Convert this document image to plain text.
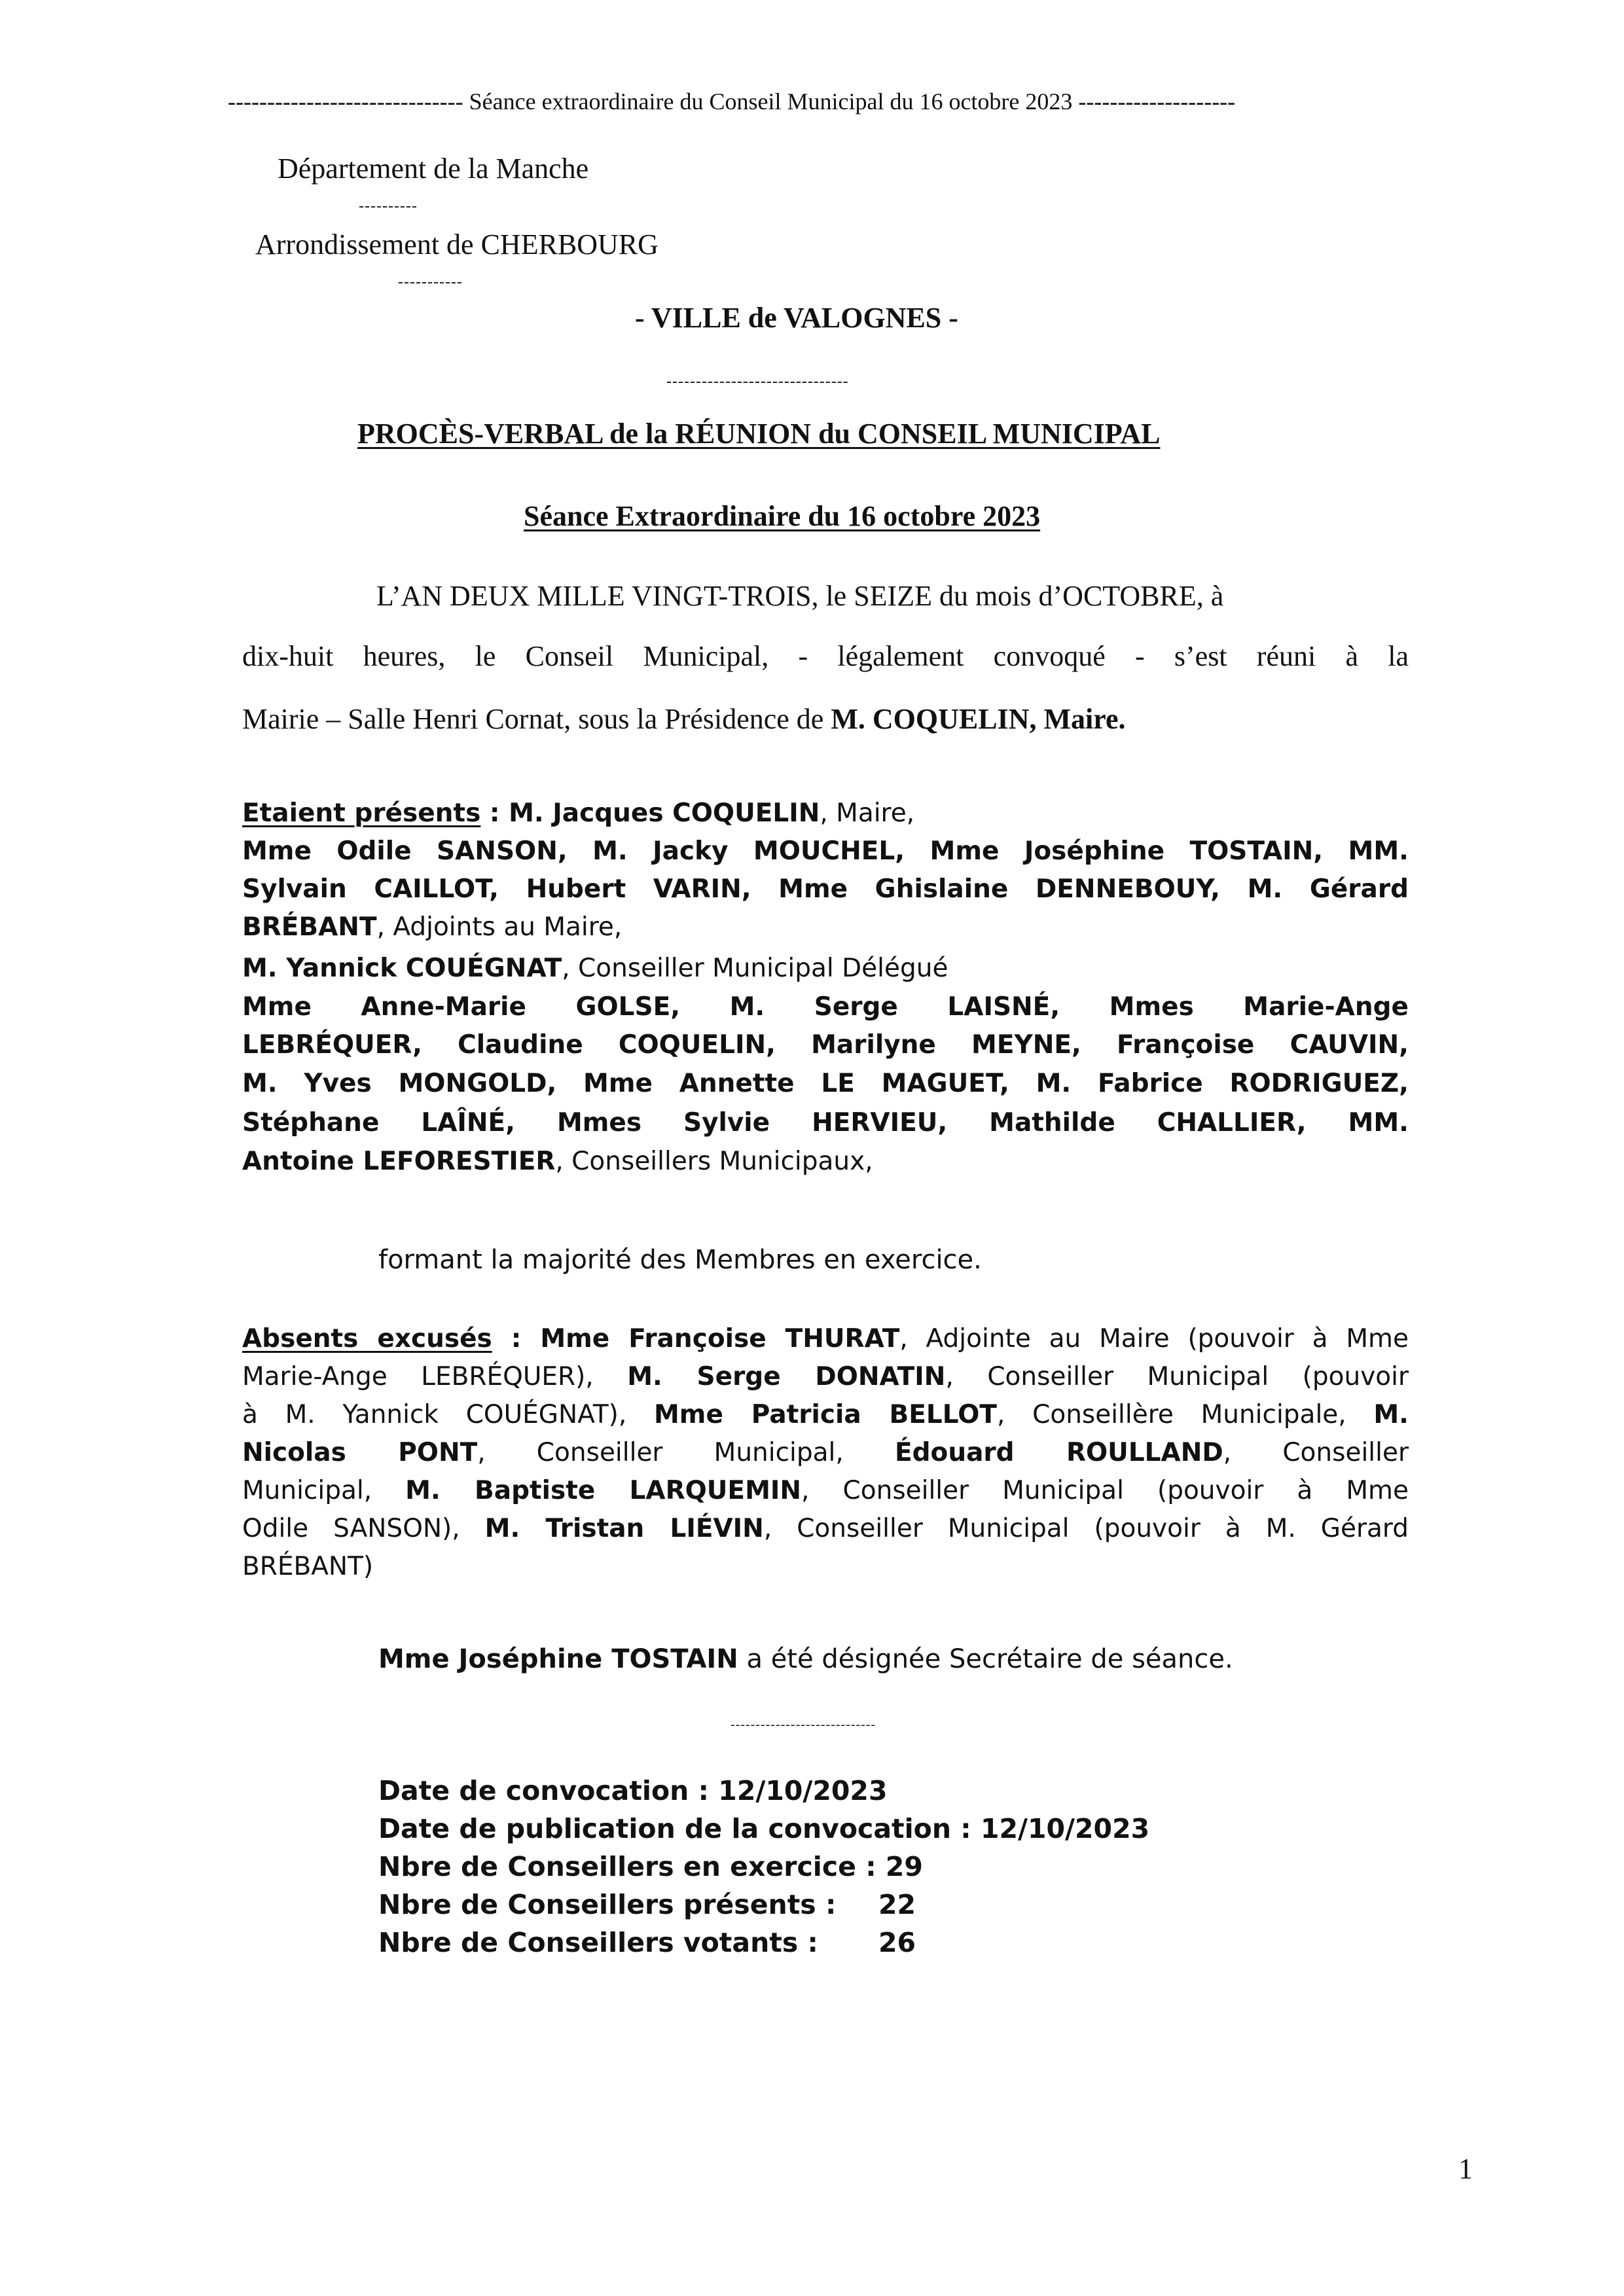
------------------------------ Séance extraordinaire du Conseil Municipal du 16 octobre 2023 --------------------
Département de la Manche
----------
Arrondissement de CHERBOURG
-----------
- VILLE de VALOGNES -
-------------------------------
PROCÈS-VERBAL de la RÉUNION du CONSEIL MUNICIPAL
Séance Extraordinaire du 16 octobre 2023
L’AN DEUX MILLE VINGT-TROIS, le SEIZE du mois d’OCTOBRE, à
dix-huit heures, le Conseil Municipal, - légalement convoqué - s’est réuni à la
Mairie – Salle Henri Cornat, sous la Présidence de M. COQUELIN, Maire.
Etaient présents : M. Jacques COQUELIN, Maire,
Mme Odile SANSON, M. Jacky MOUCHEL, Mme Joséphine TOSTAIN, MM.
Sylvain CAILLOT, Hubert VARIN, Mme Ghislaine DENNEBOUY, M. Gérard
BRÉBANT, Adjoints au Maire,
M. Yannick COUÉGNAT, Conseiller Municipal Délégué
Mme Anne-Marie GOLSE, M. Serge LAISNÉ, Mmes Marie-Ange
LEBRÉQUER, Claudine COQUELIN, Marilyne MEYNE, Françoise CAUVIN,
M. Yves MONGOLD, Mme Annette LE MAGUET, M. Fabrice RODRIGUEZ,
Stéphane LAÎNÉ, Mmes Sylvie HERVIEU, Mathilde CHALLIER, MM.
Antoine LEFORESTIER, Conseillers Municipaux,
formant la majorité des Membres en exercice.
Absents excusés : Mme Françoise THURAT, Adjointe au Maire (pouvoir à Mme
Marie-Ange LEBRÉQUER), M. Serge DONATIN, Conseiller Municipal (pouvoir
à M. Yannick COUÉGNAT), Mme Patricia BELLOT, Conseillère Municipale, M.
Nicolas PONT, Conseiller Municipal, Édouard ROULLAND, Conseiller
Municipal, M. Baptiste LARQUEMIN, Conseiller Municipal (pouvoir à Mme
Odile SANSON), M. Tristan LIÉVIN, Conseiller Municipal (pouvoir à M. Gérard
BRÉBANT)
Mme Joséphine TOSTAIN a été désignée Secrétaire de séance.
-----------------------------
Date de convocation : 12/10/2023
Date de publication de la convocation : 12/10/2023
Nbre de Conseillers en exercice : 29
Nbre de Conseillers présents : 22
Nbre de Conseillers votants : 26
1
